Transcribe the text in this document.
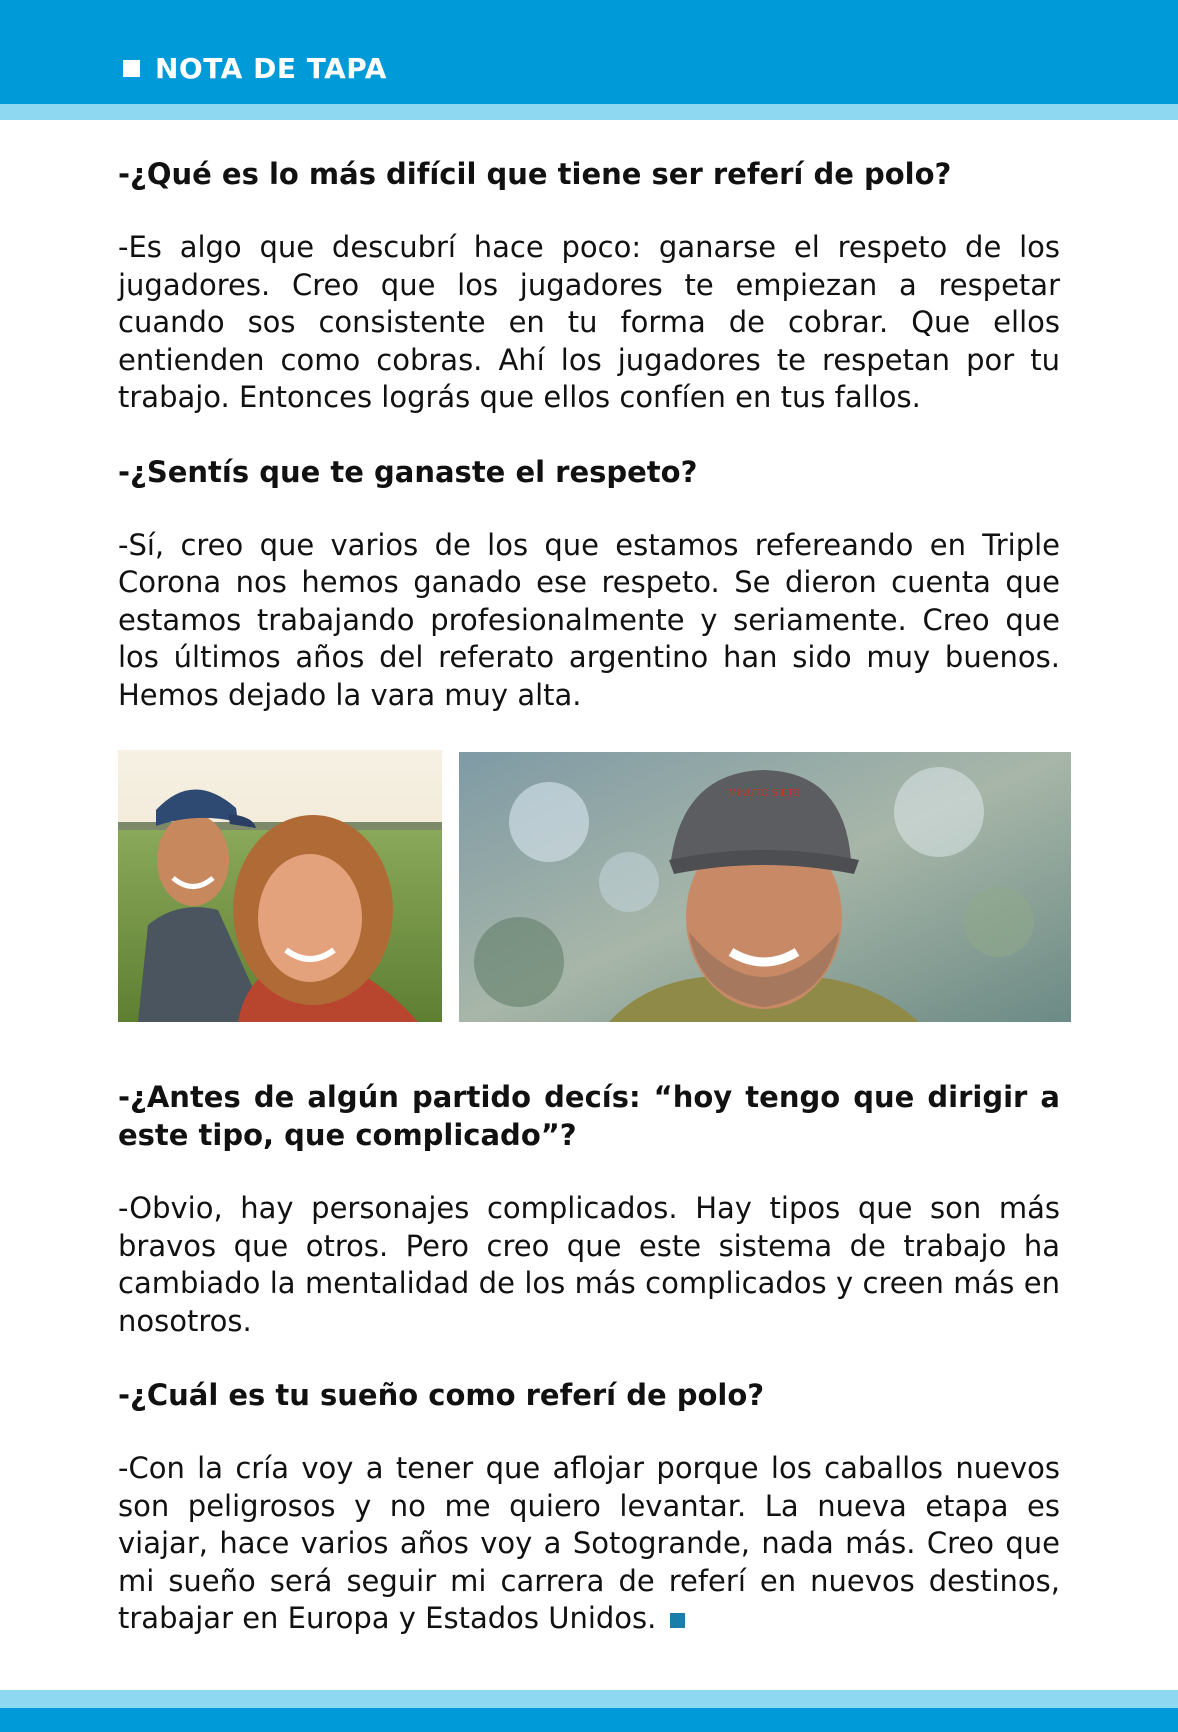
NOTA DE TAPA

-¿Qué es lo más difícil que tiene ser referí de polo?

-Es algo que descubrí hace poco: ganarse el respeto de los jugadores. Creo que los jugadores te empiezan a respetar cuando sos consistente en tu forma de cobrar. Que ellos entienden como cobras. Ahí los jugadores te respetan por tu trabajo. Entonces lográs que ellos confíen en tus fallos.

-¿Sentís que te ganaste el respeto?

-Sí, creo que varios de los que estamos refereando en Triple Corona nos hemos ganado ese respeto. Se dieron cuenta que estamos trabajando profesionalmente y seriamente. Creo que los últimos años del referato argentino han sido muy buenos. Hemos dejado la vara muy alta.

MINUTO SIETE

-¿Antes de algún partido decís: “hoy tengo que dirigir a este tipo, que complicado”?

-Obvio, hay personajes complicados. Hay tipos que son más bravos que otros. Pero creo que este sistema de trabajo ha cambiado la mentalidad de los más complicados y creen más en nosotros.

-¿Cuál es tu sueño como referí de polo?

-Con la cría voy a tener que aflojar porque los caballos nuevos son peligrosos y no me quiero levantar. La nueva etapa es viajar, hace varios años voy a Sotogrande, nada más. Creo que mi sueño será seguir mi carrera de referí en nuevos destinos, trabajar en Europa y Estados Unidos.
